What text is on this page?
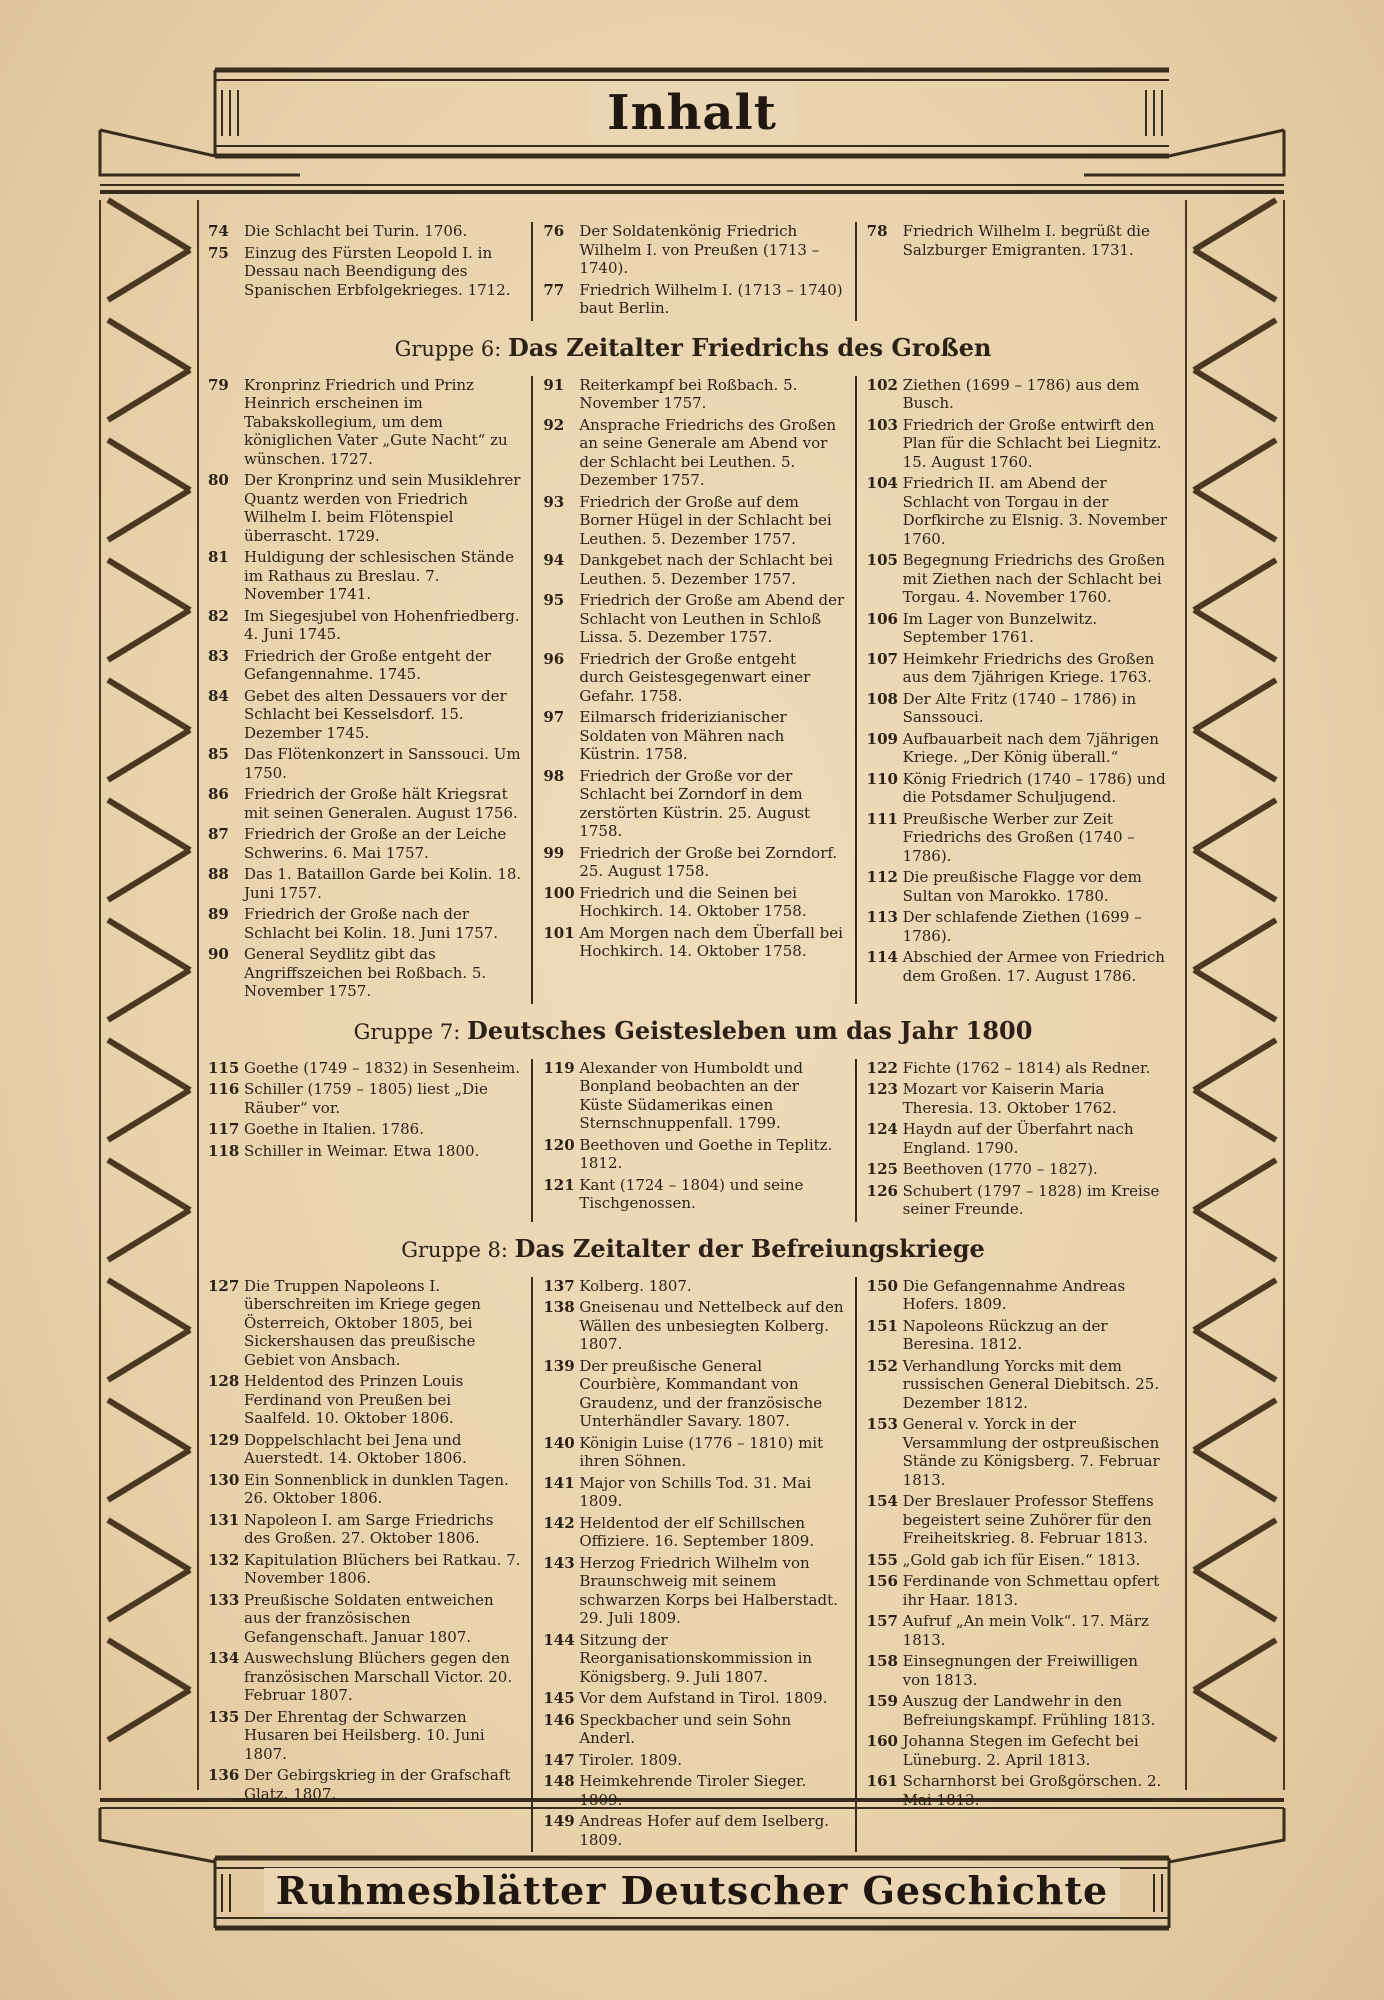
Inhalt
74	Die Schlacht bei Turin. 1706.
75	Einzug des Fürsten Leopold I. in Dessau nach Beendigung des Spanischen Erbfolgekrieges. 1712.
76	Der Soldatenkönig Friedrich Wilhelm I. von Preußen (1713 – 1740).
77	Friedrich Wilhelm I. (1713 – 1740) baut Berlin.
78	Friedrich Wilhelm I. begrüßt die Salzburger Emigranten. 1731.
Gruppe 6: Das Zeitalter Friedrichs des Großen
79	Kronprinz Friedrich und Prinz Heinrich erscheinen im Tabakskollegium, um dem königlichen Vater „Gute Nacht“ zu wünschen. 1727.
80	Der Kronprinz und sein Musiklehrer Quantz werden von Friedrich Wilhelm I. beim Flötenspiel überrascht. 1729.
81	Huldigung der schlesischen Stände im Rathaus zu Breslau. 7. November 1741.
82	Im Siegesjubel von Hohenfriedberg. 4. Juni 1745.
83	Friedrich der Große entgeht der Gefangennahme. 1745.
84	Gebet des alten Dessauers vor der Schlacht bei Kesselsdorf. 15. Dezember 1745.
85	Das Flötenkonzert in Sanssouci. Um 1750.
86	Friedrich der Große hält Kriegsrat mit seinen Generalen. August 1756.
87	Friedrich der Große an der Leiche Schwerins. 6. Mai 1757.
88	Das 1. Bataillon Garde bei Kolin. 18. Juni 1757.
89	Friedrich der Große nach der Schlacht bei Kolin. 18. Juni 1757.
90	General Seydlitz gibt das Angriffszeichen bei Roßbach. 5. November 1757.
91	Reiterkampf bei Roßbach. 5. November 1757.
92	Ansprache Friedrichs des Großen an seine Generale am Abend vor der Schlacht bei Leuthen. 5. Dezember 1757.
93	Friedrich der Große auf dem Borner Hügel in der Schlacht bei Leuthen. 5. Dezember 1757.
94	Dankgebet nach der Schlacht bei Leuthen. 5. Dezember 1757.
95	Friedrich der Große am Abend der Schlacht von Leuthen in Schloß Lissa. 5. Dezember 1757.
96	Friedrich der Große entgeht durch Geistesgegenwart einer Gefahr. 1758.
97	Eilmarsch friderizianischer Soldaten von Mähren nach Küstrin. 1758.
98	Friedrich der Große vor der Schlacht bei Zorndorf in dem zerstörten Küstrin. 25. August 1758.
99	Friedrich der Große bei Zorndorf. 25. August 1758.
100 Friedrich und die Seinen bei Hochkirch. 14. Oktober 1758.
101 Am Morgen nach dem Überfall bei Hochkirch. 14. Oktober 1758.
102 Ziethen (1699 – 1786) aus dem Busch.
103 Friedrich der Große entwirft den Plan für die Schlacht bei Liegnitz. 15. August 1760.
104 Friedrich II. am Abend der Schlacht von Torgau in der Dorfkirche zu Elsnig. 3. November 1760.
105 Begegnung Friedrichs des Großen mit Ziethen nach der Schlacht bei Torgau. 4. November 1760.
106 Im Lager von Bunzelwitz. September 1761.
107 Heimkehr Friedrichs des Großen aus dem 7jährigen Kriege. 1763.
108 Der Alte Fritz (1740 – 1786) in Sanssouci.
109 Aufbauarbeit nach dem 7jährigen Kriege. „Der König überall.“
110 König Friedrich (1740 – 1786) und die Potsdamer Schuljugend.
111 Preußische Werber zur Zeit Friedrichs des Großen (1740 – 1786).
112 Die preußische Flagge vor dem Sultan von Marokko. 1780.
113 Der schlafende Ziethen (1699 – 1786).
114 Abschied der Armee von Friedrich dem Großen. 17. August 1786.
Gruppe 7: Deutsches Geistesleben um das Jahr 1800
115 Goethe (1749 – 1832) in Sesenheim.
116 Schiller (1759 – 1805) liest „Die Räuber“ vor.
117 Goethe in Italien. 1786.
118 Schiller in Weimar. Etwa 1800.
119 Alexander von Humboldt und Bonpland beobachten an der Küste Südamerikas einen Sternschnuppenfall. 1799.
120 Beethoven und Goethe in Teplitz. 1812.
121 Kant (1724 – 1804) und seine Tischgenossen.
122 Fichte (1762 – 1814) als Redner.
123 Mozart vor Kaiserin Maria Theresia. 13. Oktober 1762.
124 Haydn auf der Überfahrt nach England. 1790.
125 Beethoven (1770 – 1827).
126 Schubert (1797 – 1828) im Kreise seiner Freunde.
Gruppe 8: Das Zeitalter der Befreiungskriege
127 Die Truppen Napoleons I. überschreiten im Kriege gegen Österreich, Oktober 1805, bei Sickershausen das preußische Gebiet von Ansbach.
128 Heldentod des Prinzen Louis Ferdinand von Preußen bei Saalfeld. 10. Oktober 1806.
129 Doppelschlacht bei Jena und Auerstedt. 14. Oktober 1806.
130 Ein Sonnenblick in dunklen Tagen. 26. Oktober 1806.
131 Napoleon I. am Sarge Friedrichs des Großen. 27. Oktober 1806.
132 Kapitulation Blüchers bei Ratkau. 7. November 1806.
133 Preußische Soldaten entweichen aus der französischen Gefangenschaft. Januar 1807.
134 Auswechslung Blüchers gegen den französischen Marschall Victor. 20. Februar 1807.
135 Der Ehrentag der Schwarzen Husaren bei Heilsberg. 10. Juni 1807.
136 Der Gebirgskrieg in der Grafschaft Glatz. 1807.
137 Kolberg. 1807.
138 Gneisenau und Nettelbeck auf den Wällen des unbesiegten Kolberg. 1807.
139 Der preußische General Courbière, Kommandant von Graudenz, und der französische Unterhändler Savary. 1807.
140 Königin Luise (1776 – 1810) mit ihren Söhnen.
141 Major von Schills Tod. 31. Mai 1809.
142 Heldentod der elf Schillschen Offiziere. 16. September 1809.
143 Herzog Friedrich Wilhelm von Braunschweig mit seinem schwarzen Korps bei Halberstadt. 29. Juli 1809.
144 Sitzung der Reorganisationskommission in Königsberg. 9. Juli 1807.
145 Vor dem Aufstand in Tirol. 1809.
146 Speckbacher und sein Sohn Anderl.
147 Tiroler. 1809.
148 Heimkehrende Tiroler Sieger. 1809.
149 Andreas Hofer auf dem Iselberg. 1809.
150 Die Gefangennahme Andreas Hofers. 1809.
151 Napoleons Rückzug an der Beresina. 1812.
152 Verhandlung Yorcks mit dem russischen General Diebitsch. 25. Dezember 1812.
153 General v. Yorck in der Versammlung der ostpreußischen Stände zu Königsberg. 7. Februar 1813.
154 Der Breslauer Professor Steffens begeistert seine Zuhörer für den Freiheitskrieg. 8. Februar 1813.
155 „Gold gab ich für Eisen.“ 1813.
156 Ferdinande von Schmettau opfert ihr Haar. 1813.
157 Aufruf „An mein Volk“. 17. März 1813.
158 Einsegnungen der Freiwilligen von 1813.
159 Auszug der Landwehr in den Befreiungskampf. Frühling 1813.
160 Johanna Stegen im Gefecht bei Lüneburg. 2. April 1813.
161 Scharnhorst bei Großgörschen. 2. Mai 1813.
Ruhmesblätter Deutscher Geschichte
